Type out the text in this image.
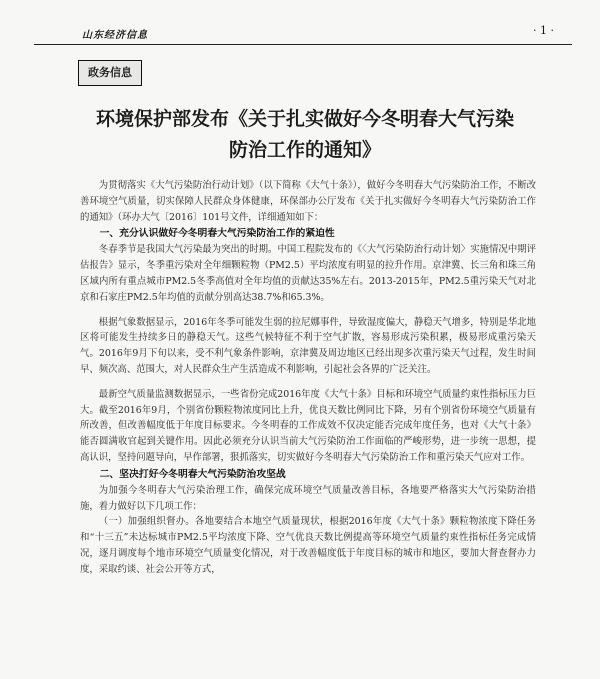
山东经济信息	· 1 ·
政务信息
环境保护部发布《关于扎实做好今冬明春大气污染
防治工作的通知》

为贯彻落实《大气污染防治行动计划》（以下简称《大气十条》），做好今冬明春大气污染防治工作，不断改善环境空气质量，切实保障人民群众身体健康，环保部办公厅发布《关于扎实做好今冬明春大气污染防治工作的通知》（环办大气〔2016〕101号文件，详细通知如下：

一、充分认识做好今冬明春大气污染防治工作的紧迫性

冬春季节是我国大气污染最为突出的时期。中国工程院发布的《〈大气污染防治行动计划〉实施情况中期评估报告》显示，冬季重污染对全年细颗粒物（PM2.5）平均浓度有明显的拉升作用。京津冀、长三角和珠三角区域内所有重点城市PM2.5冬季高值对全年均值的贡献达35%左右。2013-2015年，PM2.5重污染天气对北京和石家庄PM2.5年均值的贡献分别高达38.7%和65.3%。

根据气象数据显示，2016年冬季可能发生弱的拉尼娜事件，导致湿度偏大，静稳天气增多，特别是华北地区将可能发生持续多日的静稳天气。这些气候特征不利于空气扩散，容易形成污染积累，极易形成重污染天气。2016年9月下旬以来，受不利气象条件影响，京津冀及周边地区已经出现多次重污染天气过程，发生时间早、频次高、范围大，对人民群众生产生活造成不利影响，引起社会各界的广泛关注。

最新空气质量监测数据显示，一些省份完成2016年度《大气十条》目标和环境空气质量约束性指标压力巨大。截至2016年9月，个别省份颗粒物浓度同比上升，优良天数比例同比下降，另有个别省份环境空气质量有所改善，但改善幅度低于年度目标要求。今冬明春的工作成效不仅决定能否完成年度任务，也对《大气十条》能否圆满收官起到关键作用。因此必须充分认识当前大气污染防治工作面临的严峻形势，进一步统一思想，提高认识，坚持问题导向，早作部署，狠抓落实，切实做好今冬明春大气污染防治工作和重污染天气应对工作。

二、坚决打好今冬明春大气污染防治攻坚战

为加强今冬明春大气污染治理工作，确保完成环境空气质量改善目标，各地要严格落实大气污染防治措施，着力做好以下几项工作：

（一）加强组织督办。各地要结合本地空气质量现状，根据2016年度《大气十条》颗粒物浓度下降任务和“十三五”未达标城市PM2.5平均浓度下降、空气优良天数比例提高等环境空气质量约束性指标任务完成情况，逐月调度每个地市环境空气质量变化情况，对于改善幅度低于年度目标的城市和地区，要加大督查督办力度，采取约谈、社会公开等方式，
